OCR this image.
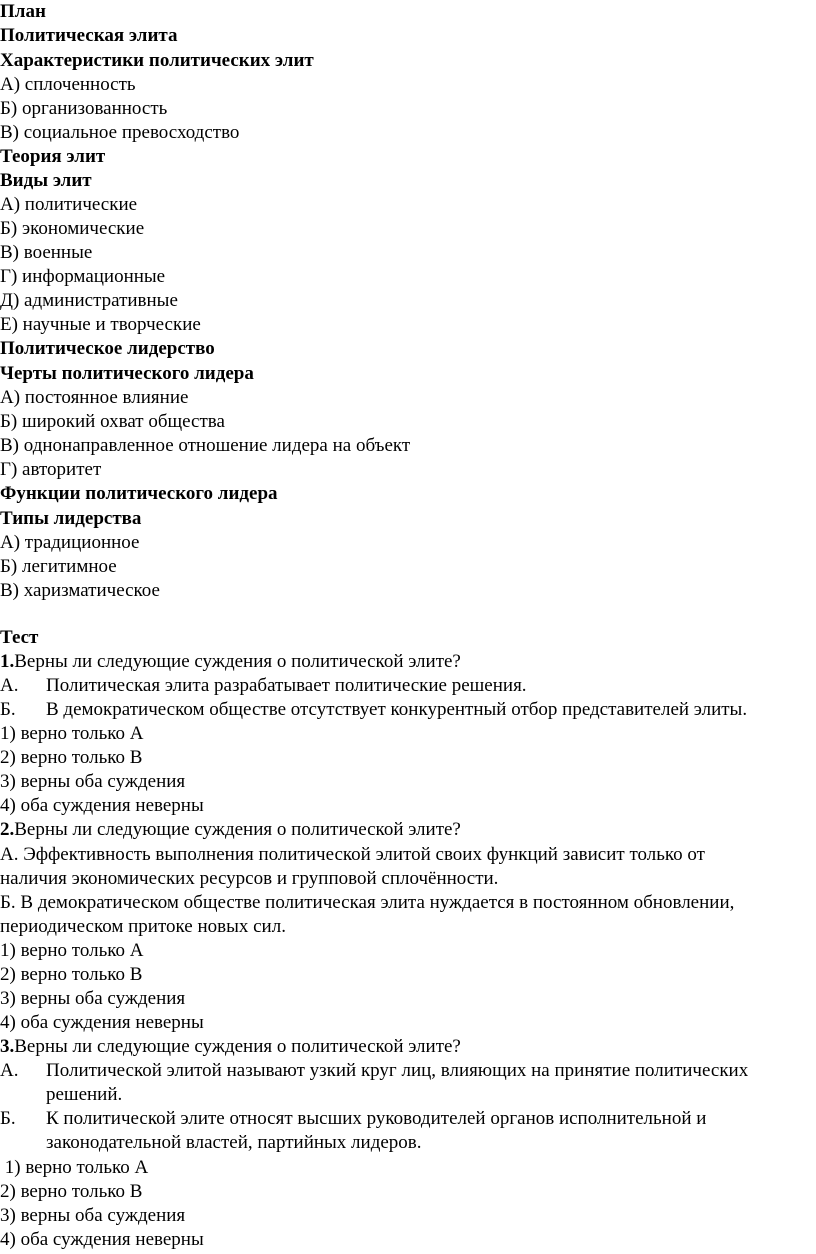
План
Политическая элита
Характеристики политических элит
А) сплоченность
Б) организованность
В) социальное превосходство
Теория элит
Виды элит
А) политические
Б) экономические
В) военные
Г) информационные
Д) административные
Е) научные и творческие
Политическое лидерство
Черты политического лидера
А) постоянное влияние
Б) широкий охват общества
В) однонаправленное отношение лидера на объект
Г) авторитет
Функции политического лидера
Типы лидерства
А) традиционное
Б) легитимное
В) харизматическое
Тест
1.Верны ли следующие суждения о политической элите?
А. Политическая элита разрабатывает политические решения.
Б. В демократическом обществе отсутствует конкурентный отбор представителей элиты.
1) верно только А
2) верно только В
3) верны оба суждения
4) оба суждения неверны
2.Верны ли следующие суждения о политической элите?
А. Эффективность выполнения политической элитой своих функций зависит только от
наличия экономических ресурсов и групповой сплочённости.
Б. В демократическом обществе политическая элита нуждается в постоянном обновлении,
периодическом притоке новых сил.
1) верно только А
2) верно только В
3) верны оба суждения
4) оба суждения неверны
3.Верны ли следующие суждения о политической элите?
А. Политической элитой называют узкий круг лиц, влияющих на принятие политических
решений.
Б. К политической элите относят высших руководителей органов исполнительной и
законодательной властей, партийных лидеров.
1) верно только А
2) верно только В
3) верны оба суждения
4) оба суждения неверны
